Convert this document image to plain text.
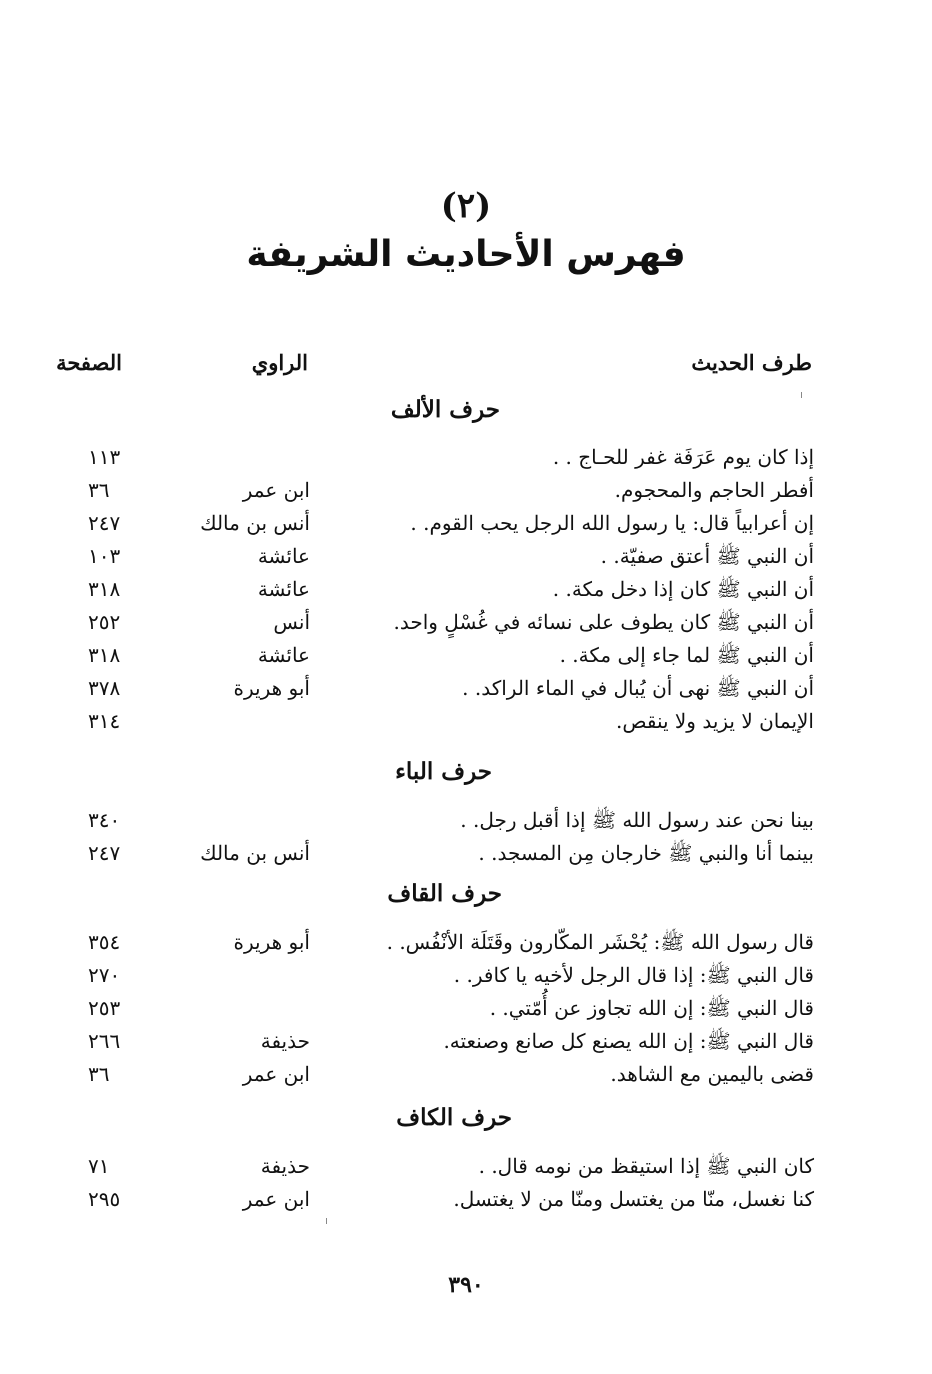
(٢)
فهرس الأحاديث الشريفة
طرف الحديث
الراوي
الصفحة
حرف الألف
إذا كان يوم عَرَفَة غفر للحـاج . .
١١٣
أفطر الحاجم والمحجوم.
ابن عمر
٣٦
إن أعرابياً قال: يا رسول الله الرجل يحب القوم. .
أنس بن مالك
٢٤٧
أن النبي ﷺ أعتق صفيّة. .
عائشة
١٠٣
أن النبي ﷺ كان إذا دخل مكة. .
عائشة
٣١٨
أن النبي ﷺ كان يطوف على نسائه في غُسْلٍ واحد.
أنس
٢٥٢
أن النبي ﷺ لما جاء إلى مكة. .
عائشة
٣١٨
أن النبي ﷺ نهى أن يُبال في الماء الراكد. .
أبو هريرة
٣٧٨
الإيمان لا يزيد ولا ينقص.
٣١٤
حرف الباء
بينا نحن عند رسول الله ﷺ إذا أقبل رجل. .
٣٤٠
بينما أنا والنبي ﷺ خارجان مِن المسجد. .
أنس بن مالك
٢٤٧
حرف القاف
قال رسول الله ﷺ: يُحْشَر المكّارون وقَتَلَة الأنْفُس. .
أبو هريرة
٣٥٤
قال النبي ﷺ: إذا قال الرجل لأخيه يا كافر. .
٢٧٠
قال النبي ﷺ: إن الله تجاوز عن أُمّتي. .
٢٥٣
قال النبي ﷺ: إن الله يصنع كل صانع وصنعته.
حذيفة
٢٦٦
قضى باليمين مع الشاهد.
ابن عمر
٣٦
حرف الكاف
كان النبي ﷺ إذا استيقظ من نومه قال. .
حذيفة
٧١
كنا نغسل، منّا من يغتسل ومنّا من لا يغتسل.
ابن عمر
٢٩٥
٣٩٠
